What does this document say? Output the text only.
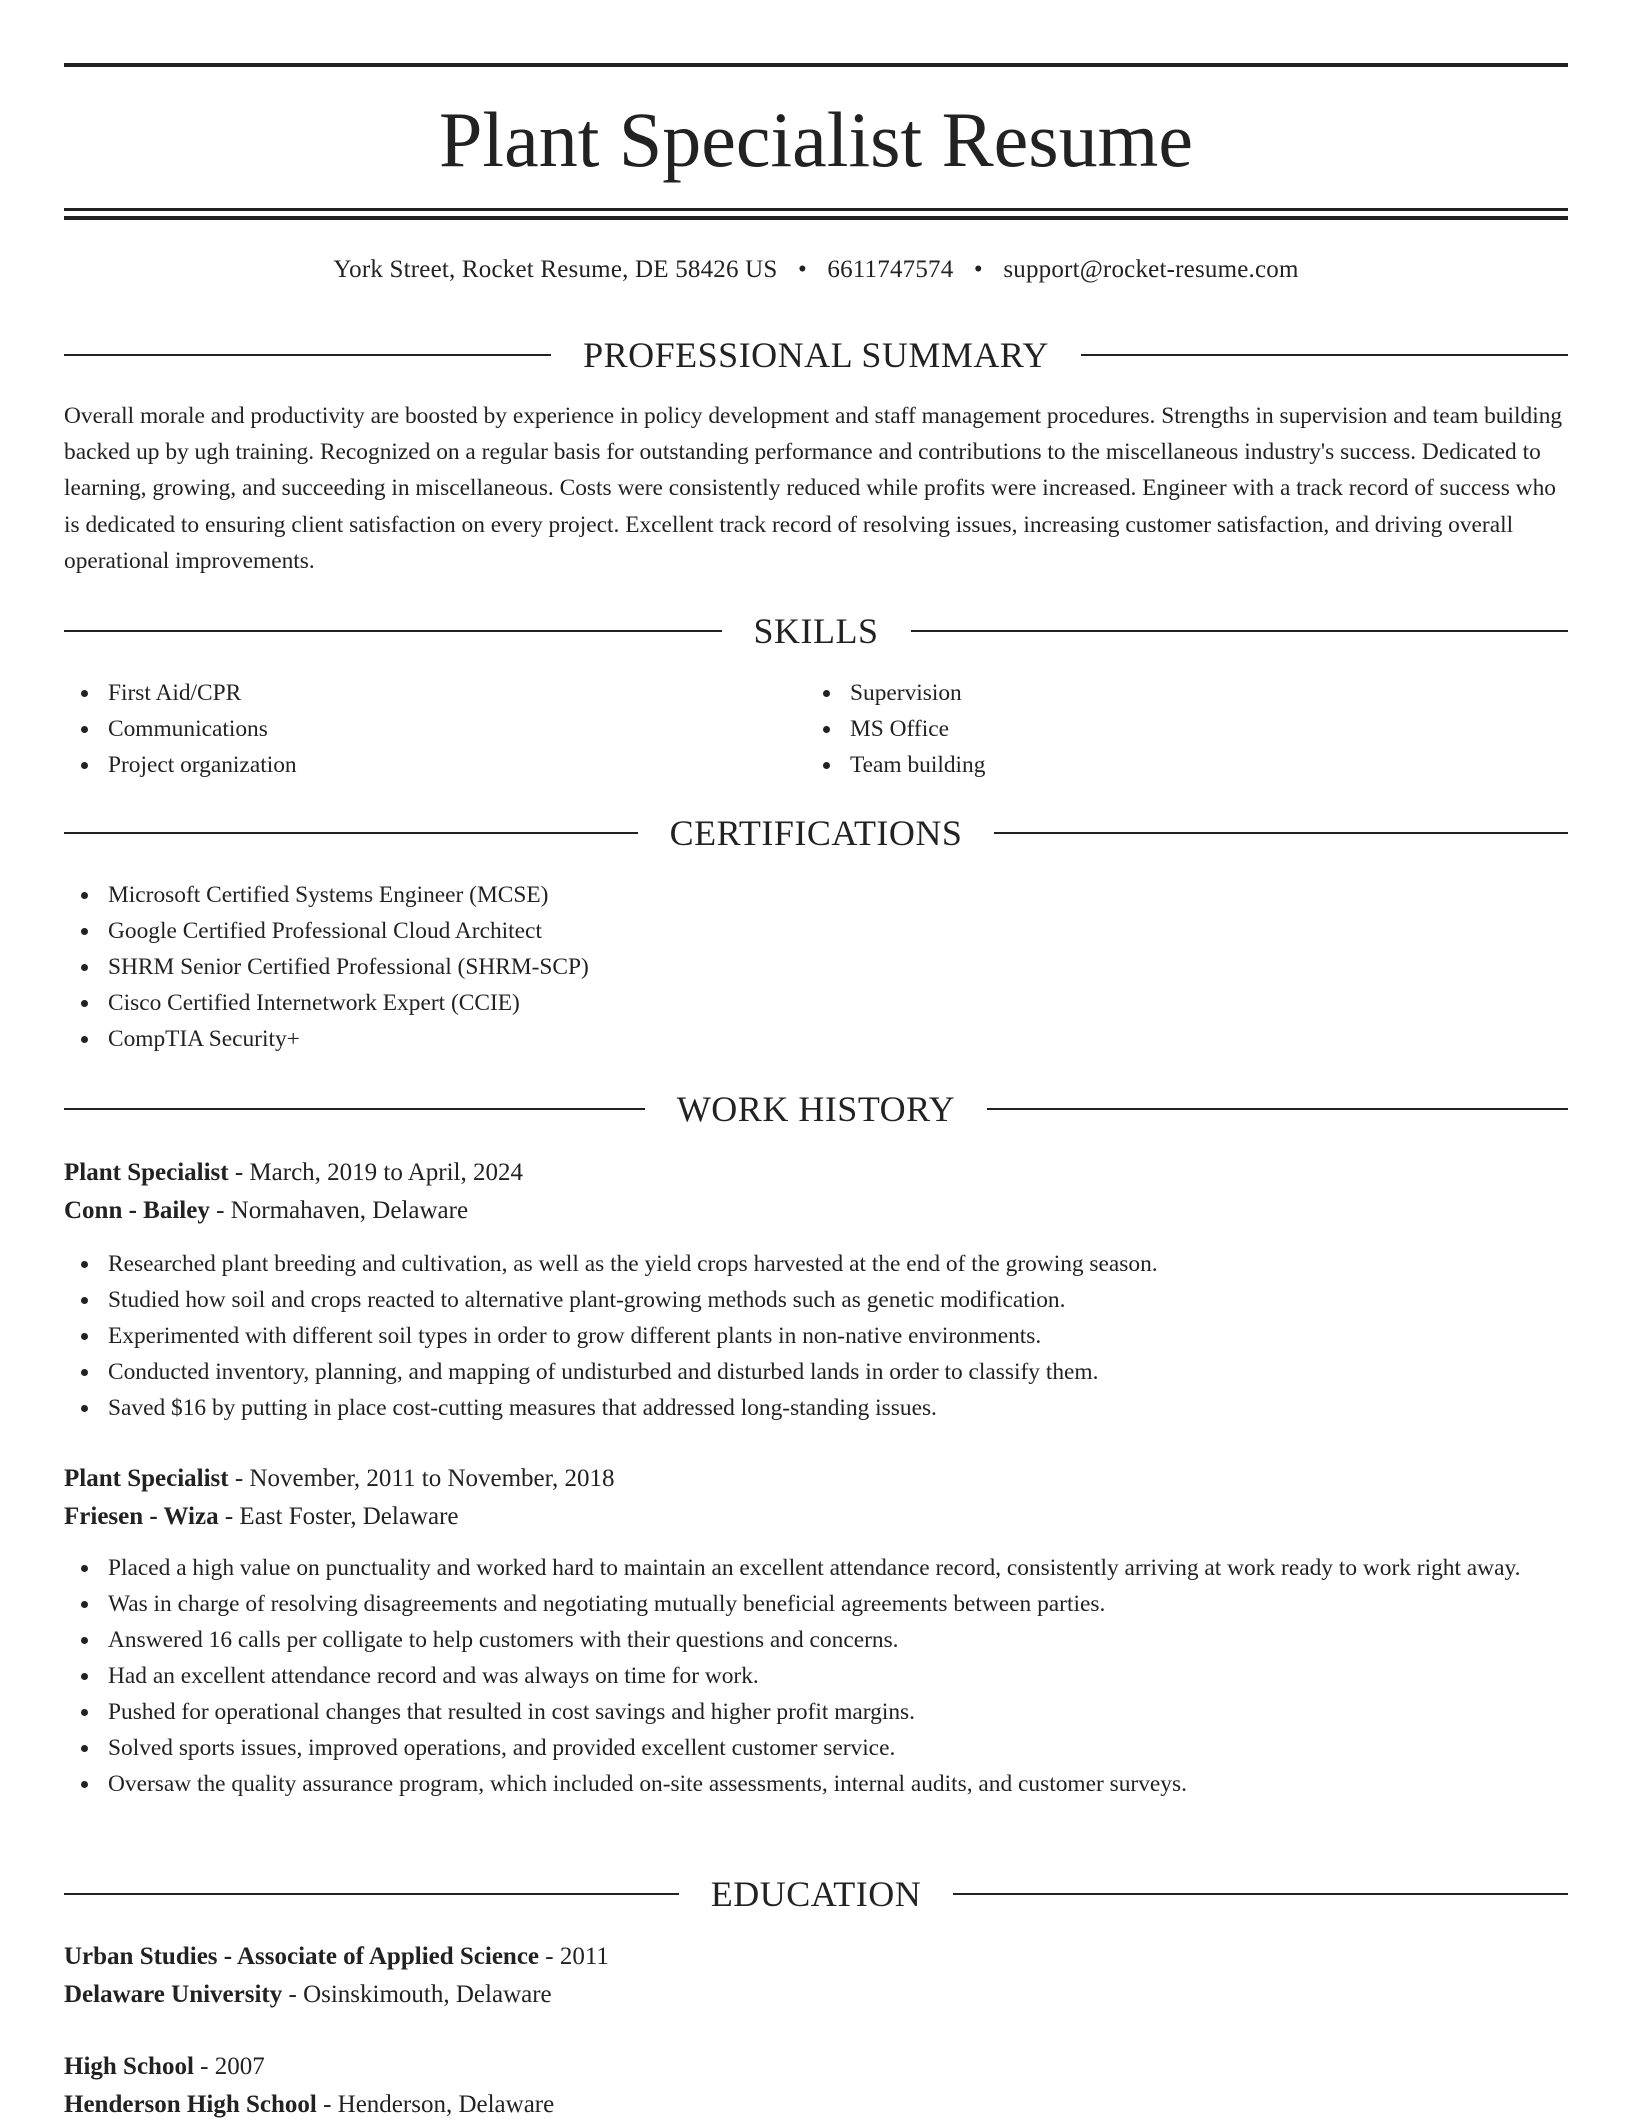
Plant Specialist Resume
York Street, Rocket Resume, DE 58426 US • 6611747574 • support@rocket-resume.com
PROFESSIONAL SUMMARY

Overall morale and productivity are boosted by experience in policy development and staff management procedures. Strengths in supervision and team building backed up by ugh training. Recognized on a regular basis for outstanding performance and contributions to the miscellaneous industry's success. Dedicated to learning, growing, and succeeding in miscellaneous. Costs were consistently reduced while profits were increased. Engineer with a track record of success who is dedicated to ensuring client satisfaction on every project. Excellent track record of resolving issues, increasing customer satisfaction, and driving overall operational improvements.

SKILLS
First Aid/CPR
Communications
Project organization
Supervision
MS Office
Team building
CERTIFICATIONS
Microsoft Certified Systems Engineer (MCSE)
Google Certified Professional Cloud Architect
SHRM Senior Certified Professional (SHRM-SCP)
Cisco Certified Internetwork Expert (CCIE)
CompTIA Security+
WORK HISTORY
Plant Specialist - March, 2019 to April, 2024
Conn - Bailey - Normahaven, Delaware
Researched plant breeding and cultivation, as well as the yield crops harvested at the end of the growing season.
Studied how soil and crops reacted to alternative plant-growing methods such as genetic modification.
Experimented with different soil types in order to grow different plants in non-native environments.
Conducted inventory, planning, and mapping of undisturbed and disturbed lands in order to classify them.
Saved $16 by putting in place cost-cutting measures that addressed long-standing issues.
Plant Specialist - November, 2011 to November, 2018
Friesen - Wiza - East Foster, Delaware
Placed a high value on punctuality and worked hard to maintain an excellent attendance record, consistently arriving at work ready to work right away.
Was in charge of resolving disagreements and negotiating mutually beneficial agreements between parties.
Answered 16 calls per colligate to help customers with their questions and concerns.
Had an excellent attendance record and was always on time for work.
Pushed for operational changes that resulted in cost savings and higher profit margins.
Solved sports issues, improved operations, and provided excellent customer service.
Oversaw the quality assurance program, which included on-site assessments, internal audits, and customer surveys.
EDUCATION
Urban Studies - Associate of Applied Science - 2011
Delaware University - Osinskimouth, Delaware
High School - 2007
Henderson High School - Henderson, Delaware
